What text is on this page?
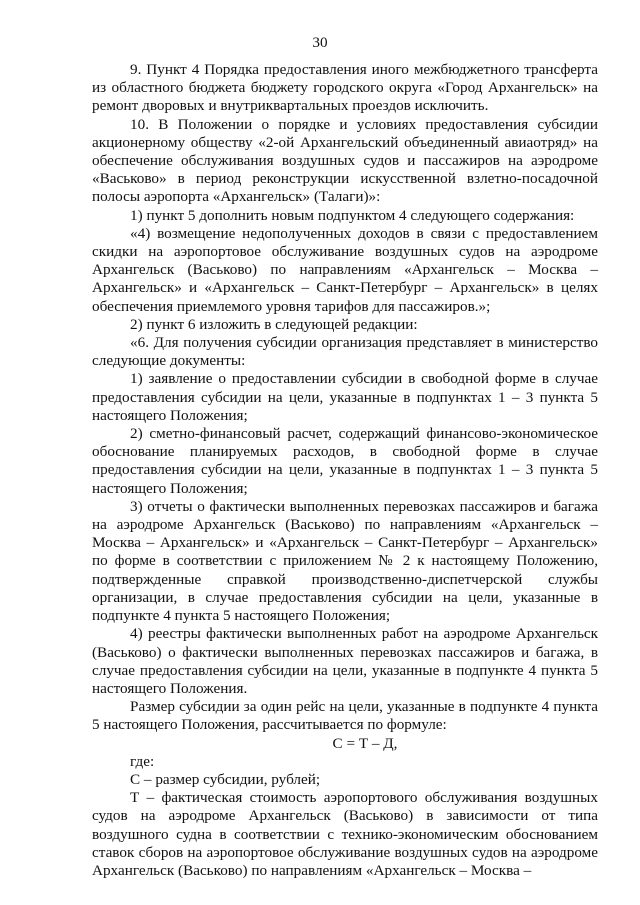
30

9. Пункт 4 Порядка предоставления иного межбюджетного трансферта из областного бюджета бюджету городского округа «Город Архангельск» на ремонт дворовых и внутриквартальных проездов исключить.

10. В Положении о порядке и условиях предоставления субсидии акционерному обществу «2-ой Архангельский объединенный авиаотряд» на обеспечение обслуживания воздушных судов и пассажиров на аэродроме «Васьково» в период реконструкции искусственной взлетно-посадочной полосы аэропорта «Архангельск» (Талаги)»:

1) пункт 5 дополнить новым подпунктом 4 следующего содержания:

«4) возмещение недополученных доходов в связи с предоставлением скидки на аэропортовое обслуживание воздушных судов на аэродроме Архангельск (Васьково) по направлениям «Архангельск – Москва – Архангельск» и «Архангельск – Санкт-Петербург – Архангельск» в целях обеспечения приемлемого уровня тарифов для пассажиров.»;

2) пункт 6 изложить в следующей редакции:

«6. Для получения субсидии организация представляет в министерство следующие документы:

1) заявление о предоставлении субсидии в свободной форме в случае предоставления субсидии на цели, указанные в подпунктах 1 – 3 пункта 5 настоящего Положения;

2) сметно-финансовый расчет, содержащий финансово-экономическое обоснование планируемых расходов, в свободной форме в случае предоставления субсидии на цели, указанные в подпунктах 1 – 3 пункта 5 настоящего Положения;

3) отчеты о фактически выполненных перевозках пассажиров и багажа на аэродроме Архангельск (Васьково) по направлениям «Архангельск – Москва – Архангельск» и «Архангельск – Санкт-Петербург – Архангельск» по форме в соответствии с приложением № 2 к настоящему Положению, подтвержденные справкой производственно-диспетчерской службы организации, в случае предоставления субсидии на цели, указанные в подпункте 4 пункта 5 настоящего Положения;

4) реестры фактически выполненных работ на аэродроме Архангельск (Васьково) о фактически выполненных перевозках пассажиров и багажа, в случае предоставления субсидии на цели, указанные в подпункте 4 пункта 5 настоящего Положения.

Размер субсидии за один рейс на цели, указанные в подпункте 4 пункта 5 настоящего Положения, рассчитывается по формуле:

С = Т – Д,

где:

С – размер субсидии, рублей;

Т – фактическая стоимость аэропортового обслуживания воздушных судов на аэродроме Архангельск (Васьково) в зависимости от типа воздушного судна в соответствии с технико-экономическим обоснованием ставок сборов на аэропортовое обслуживание воздушных судов на аэродроме Архангельск (Васьково) по направлениям «Архангельск – Москва –
